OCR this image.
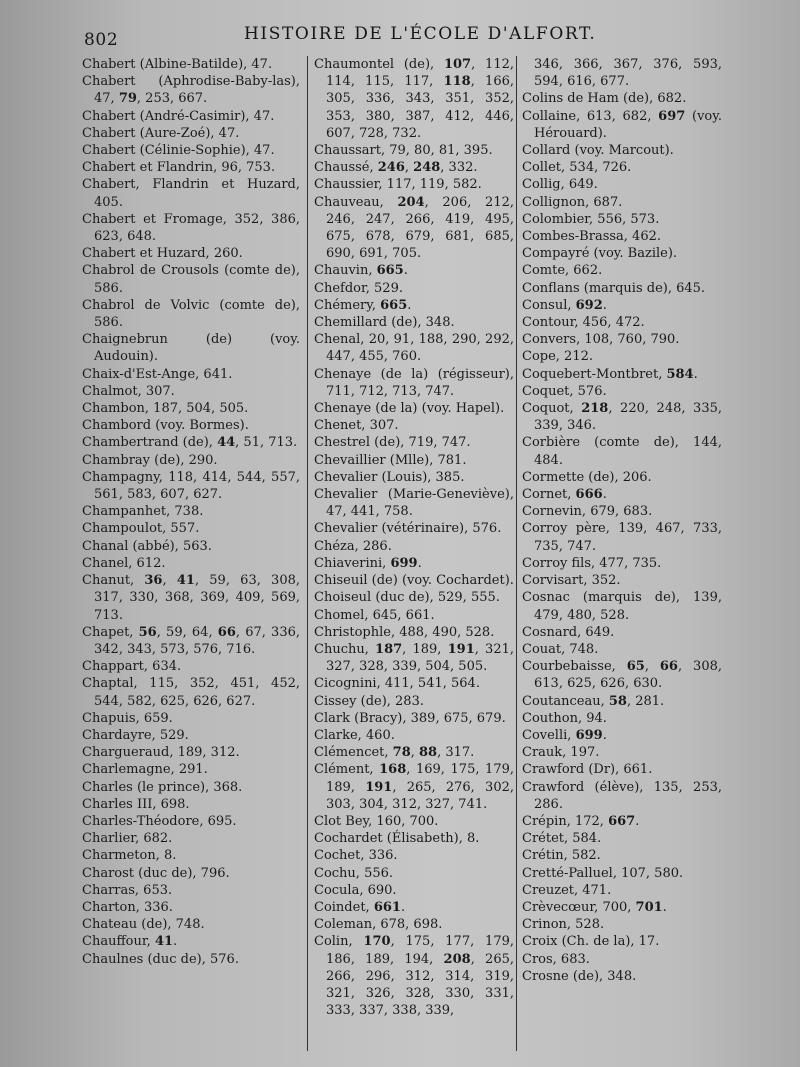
802	HISTOIRE DE L'ÉCOLE D'ALFORT.

Chabert (Albine-Batilde), 47.

Chabert (Aphrodise-Baby-las), 47, 79, 253, 667.

Chabert (André-Casimir), 47.

Chabert (Aure-Zoé), 47.

Chabert (Célinie-Sophie), 47.

Chabert et Flandrin, 96, 753.

Chabert, Flandrin et Huzard, 405.

Chabert et Fromage, 352, 386, 623, 648.

Chabert et Huzard, 260.

Chabrol de Crousols (comte de), 586.

Chabrol de Volvic (comte de), 586.

Chaignebrun (de) (voy. Audouin).

Chaix-d'Est-Ange, 641.

Chalmot, 307.

Chambon, 187, 504, 505.

Chambord (voy. Bormes).

Chambertrand (de), 44, 51, 713.

Chambray (de), 290.

Champagny, 118, 414, 544, 557, 561, 583, 607, 627.

Champanhet, 738.

Champoulot, 557.

Chanal (abbé), 563.

Chanel, 612.

Chanut, 36, 41, 59, 63, 308, 317, 330, 368, 369, 409, 569, 713.

Chapet, 56, 59, 64, 66, 67, 336, 342, 343, 573, 576, 716.

Chappart, 634.

Chaptal, 115, 352, 451, 452, 544, 582, 625, 626, 627.

Chapuis, 659.

Chardayre, 529.

Chargueraud, 189, 312.

Charlemagne, 291.

Charles (le prince), 368.

Charles III, 698.

Charles-Théodore, 695.

Charlier, 682.

Charmeton, 8.

Charost (duc de), 796.

Charras, 653.

Charton, 336.

Chateau (de), 748.

Chauffour, 41.

Chaulnes (duc de), 576.

Chaumontel (de), 107, 112, 114, 115, 117, 118, 166, 305, 336, 343, 351, 352, 353, 380, 387, 412, 446, 607, 728, 732.

Chaussart, 79, 80, 81, 395.

Chaussé, 246, 248, 332.

Chaussier, 117, 119, 582.

Chauveau, 204, 206, 212, 246, 247, 266, 419, 495, 675, 678, 679, 681, 685, 690, 691, 705.

Chauvin, 665.

Chefdor, 529.

Chémery, 665.

Chemillard (de), 348.

Chenal, 20, 91, 188, 290, 292, 447, 455, 760.

Chenaye (de la) (régisseur), 711, 712, 713, 747.

Chenaye (de la) (voy. Hapel).

Chenet, 307.

Chestrel (de), 719, 747.

Chevaillier (Mlle), 781.

Chevalier (Louis), 385.

Chevalier (Marie-Geneviève), 47, 441, 758.

Chevalier (vétérinaire), 576.

Chéza, 286.

Chiaverini, 699.

Chiseuil (de) (voy. Cochardet).

Choiseul (duc de), 529, 555.

Chomel, 645, 661.

Christophle, 488, 490, 528.

Chuchu, 187, 189, 191, 321, 327, 328, 339, 504, 505.

Cicognini, 411, 541, 564.

Cissey (de), 283.

Clark (Bracy), 389, 675, 679.

Clarke, 460.

Clémencet, 78, 88, 317.

Clément, 168, 169, 175, 179, 189, 191, 265, 276, 302, 303, 304, 312, 327, 741.

Clot Bey, 160, 700.

Cochardet (Élisabeth), 8.

Cochet, 336.

Cochu, 556.

Cocula, 690.

Coindet, 661.

Coleman, 678, 698.

Colin, 170, 175, 177, 179, 186, 189, 194, 208, 265, 266, 296, 312, 314, 319, 321, 326, 328, 330, 331, 333, 337, 338, 339,

346, 366, 367, 376, 593, 594, 616, 677.

Colins de Ham (de), 682.

Collaine, 613, 682, 697 (voy. Hérouard).

Collard (voy. Marcout).

Collet, 534, 726.

Collig, 649.

Collignon, 687.

Colombier, 556, 573.

Combes-Brassa, 462.

Compayré (voy. Bazile).

Comte, 662.

Conflans (marquis de), 645.

Consul, 692.

Contour, 456, 472.

Convers, 108, 760, 790.

Cope, 212.

Coquebert-Montbret, 584.

Coquet, 576.

Coquot, 218, 220, 248, 335, 339, 346.

Corbière (comte de), 144, 484.

Cormette (de), 206.

Cornet, 666.

Cornevin, 679, 683.

Corroy père, 139, 467, 733, 735, 747.

Corroy fils, 477, 735.

Corvisart, 352.

Cosnac (marquis de), 139, 479, 480, 528.

Cosnard, 649.

Couat, 748.

Courbebaisse, 65, 66, 308, 613, 625, 626, 630.

Coutanceau, 58, 281.

Couthon, 94.

Covelli, 699.

Crauk, 197.

Crawford (Dr), 661.

Crawford (élève), 135, 253, 286.

Crépin, 172, 667.

Crétet, 584.

Crétin, 582.

Cretté-Palluel, 107, 580.

Creuzet, 471.

Crèvecœur, 700, 701.

Crinon, 528.

Croix (Ch. de la), 17.

Cros, 683.

Crosne (de), 348.
